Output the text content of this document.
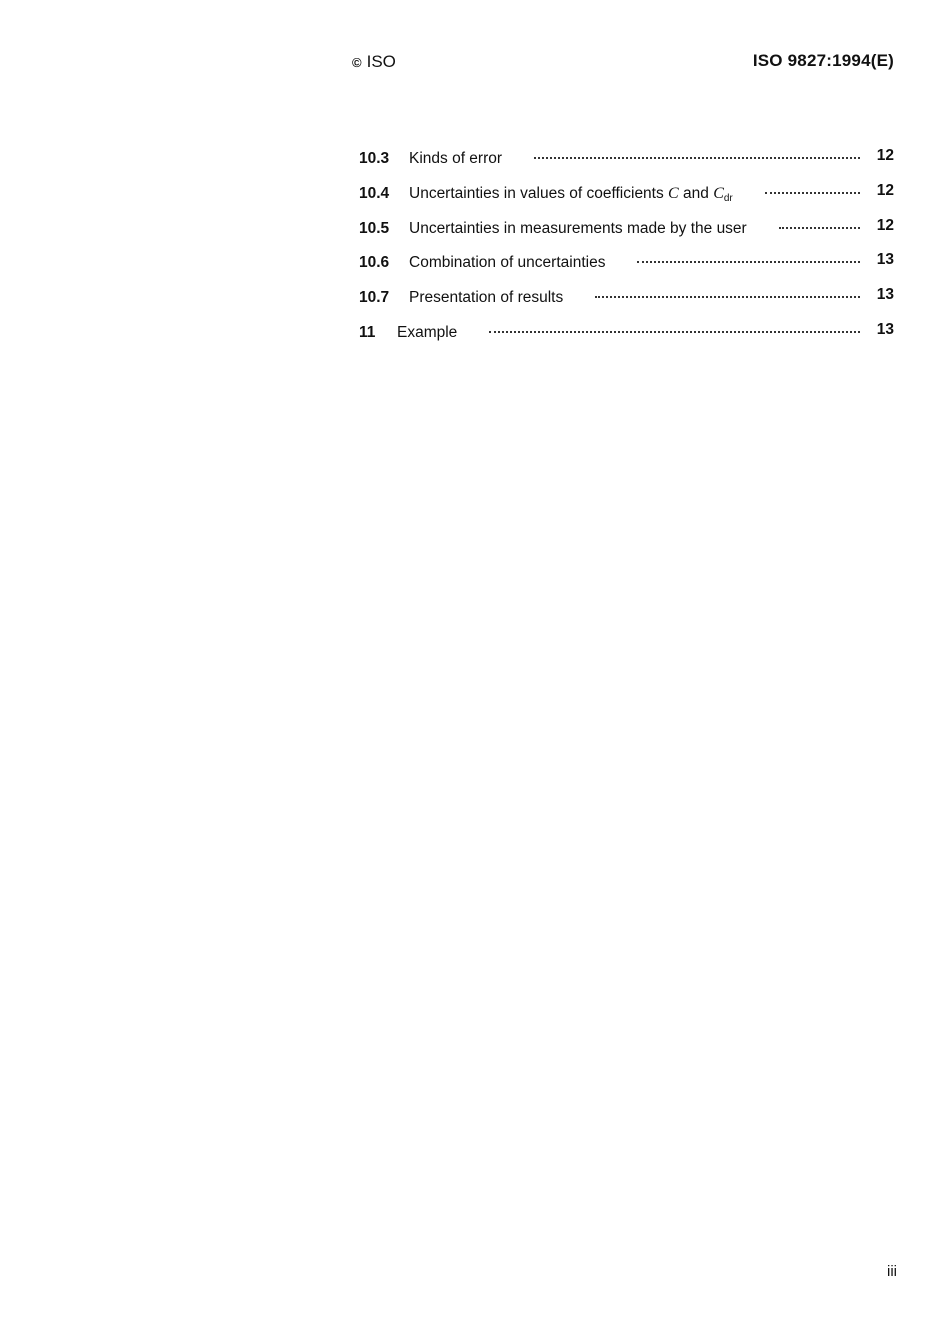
© ISO	ISO 9827:1994(E)
10.3	Kinds of error	12
10.4	Uncertainties in values of coefficients C and $C_{dr}$	12
10.5	Uncertainties in measurements made by the user	12
10.6	Combination of uncertainties	13
10.7	Presentation of results	13
11	Example	13
iii
